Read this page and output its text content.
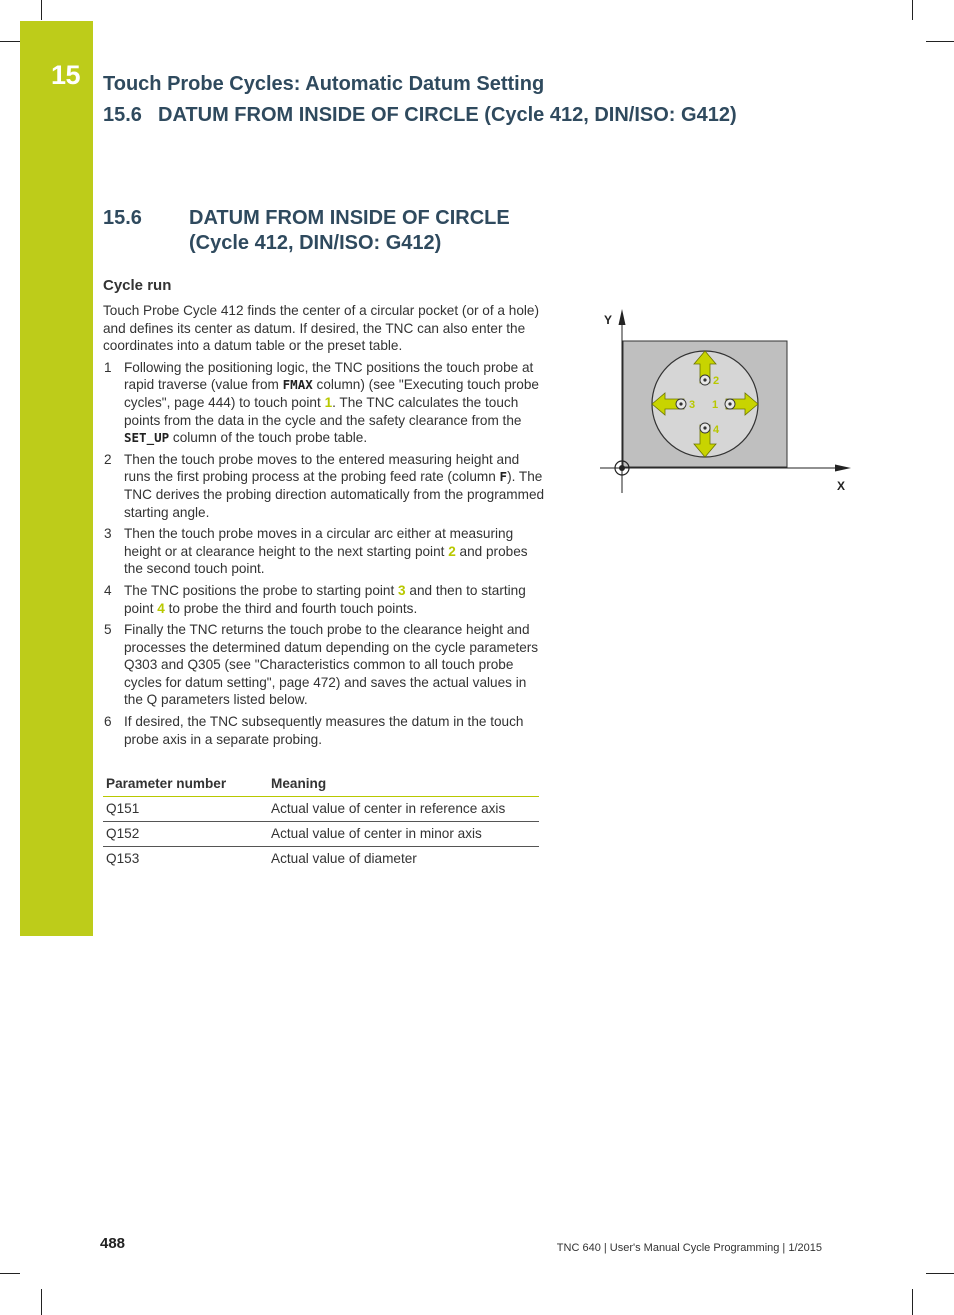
15 Touch Probe Cycles: Automatic Datum Setting
15.6 DATUM FROM INSIDE OF CIRCLE (Cycle 412, DIN/ISO: G412)
15.6 DATUM FROM INSIDE OF CIRCLE
(Cycle 412, DIN/ISO: G412)
Cycle run

Touch Probe Cycle 412 finds the center of a circular pocket (or of a hole) and defines its center as datum. If desired, the TNC can also enter the coordinates into a datum table or the preset table.

1 Following the positioning logic, the TNC positions the touch probe at rapid traverse (value from FMAX column) (see "Executing touch probe cycles", page 444) to touch point 1. The TNC calculates the touch points from the data in the cycle and the safety clearance from the SET_UP column of the touch probe table.
2 Then the touch probe moves to the entered measuring height and runs the first probing process at the probing feed rate (column F). The TNC derives the probing direction automatically from the programmed starting angle.
3 Then the touch probe moves in a circular arc either at measuring height or at clearance height to the next starting point 2 and probes the second touch point.
4 The TNC positions the probe to starting point 3 and then to starting point 4 to probe the third and fourth touch points.
5 Finally the TNC returns the touch probe to the clearance height and processes the determined datum depending on the cycle parameters Q303 and Q305 (see "Characteristics common to all touch probe cycles for datum setting", page 472) and saves the actual values in the Q parameters listed below.
6 If desired, the TNC subsequently measures the datum in the touch probe axis in a separate probing.
Parameter number	Meaning
Q151	Actual value of center in reference axis
Q152	Actual value of center in minor axis
Q153	Actual value of diameter
Y
X
2
3 1
4
488	TNC 640 | User's Manual Cycle Programming | 1/2015
